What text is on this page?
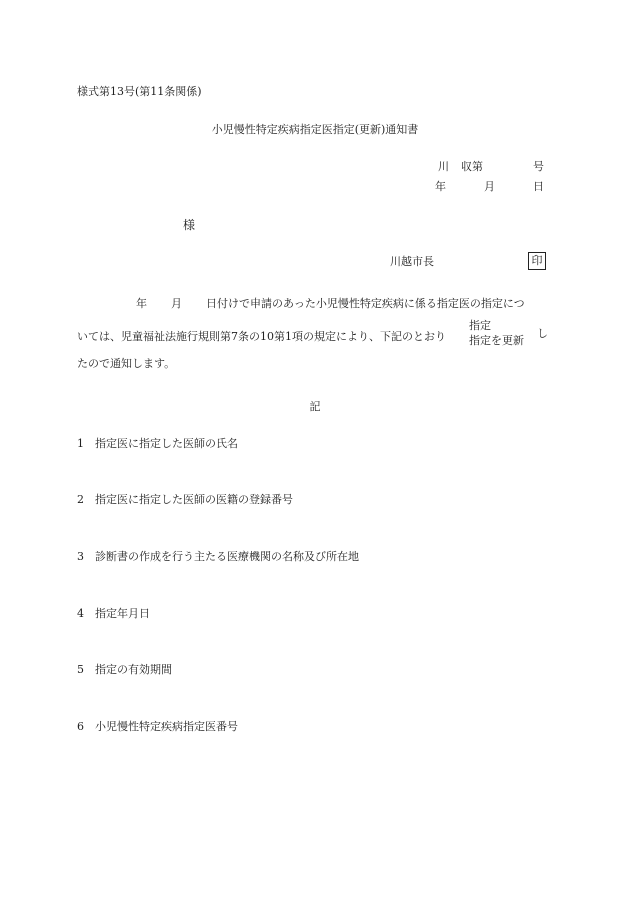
様式第13号(第11条関係)
小児慢性特定疾病指定医指定(更新)通知書
川 収第	号
年	月	日
様
川越市長	印
年 月 日付けで申請のあった小児慢性特定疾病に係る指定医の指定につ
いては、児童福祉法施行規則第7条の10第1項の規定により、下記のとおり
指定
指定を更新
し
たので通知します。
記
1 指定医に指定した医師の氏名
2 指定医に指定した医師の医籍の登録番号
3 診断書の作成を行う主たる医療機関の名称及び所在地
4 指定年月日
5 指定の有効期間
6 小児慢性特定疾病指定医番号
